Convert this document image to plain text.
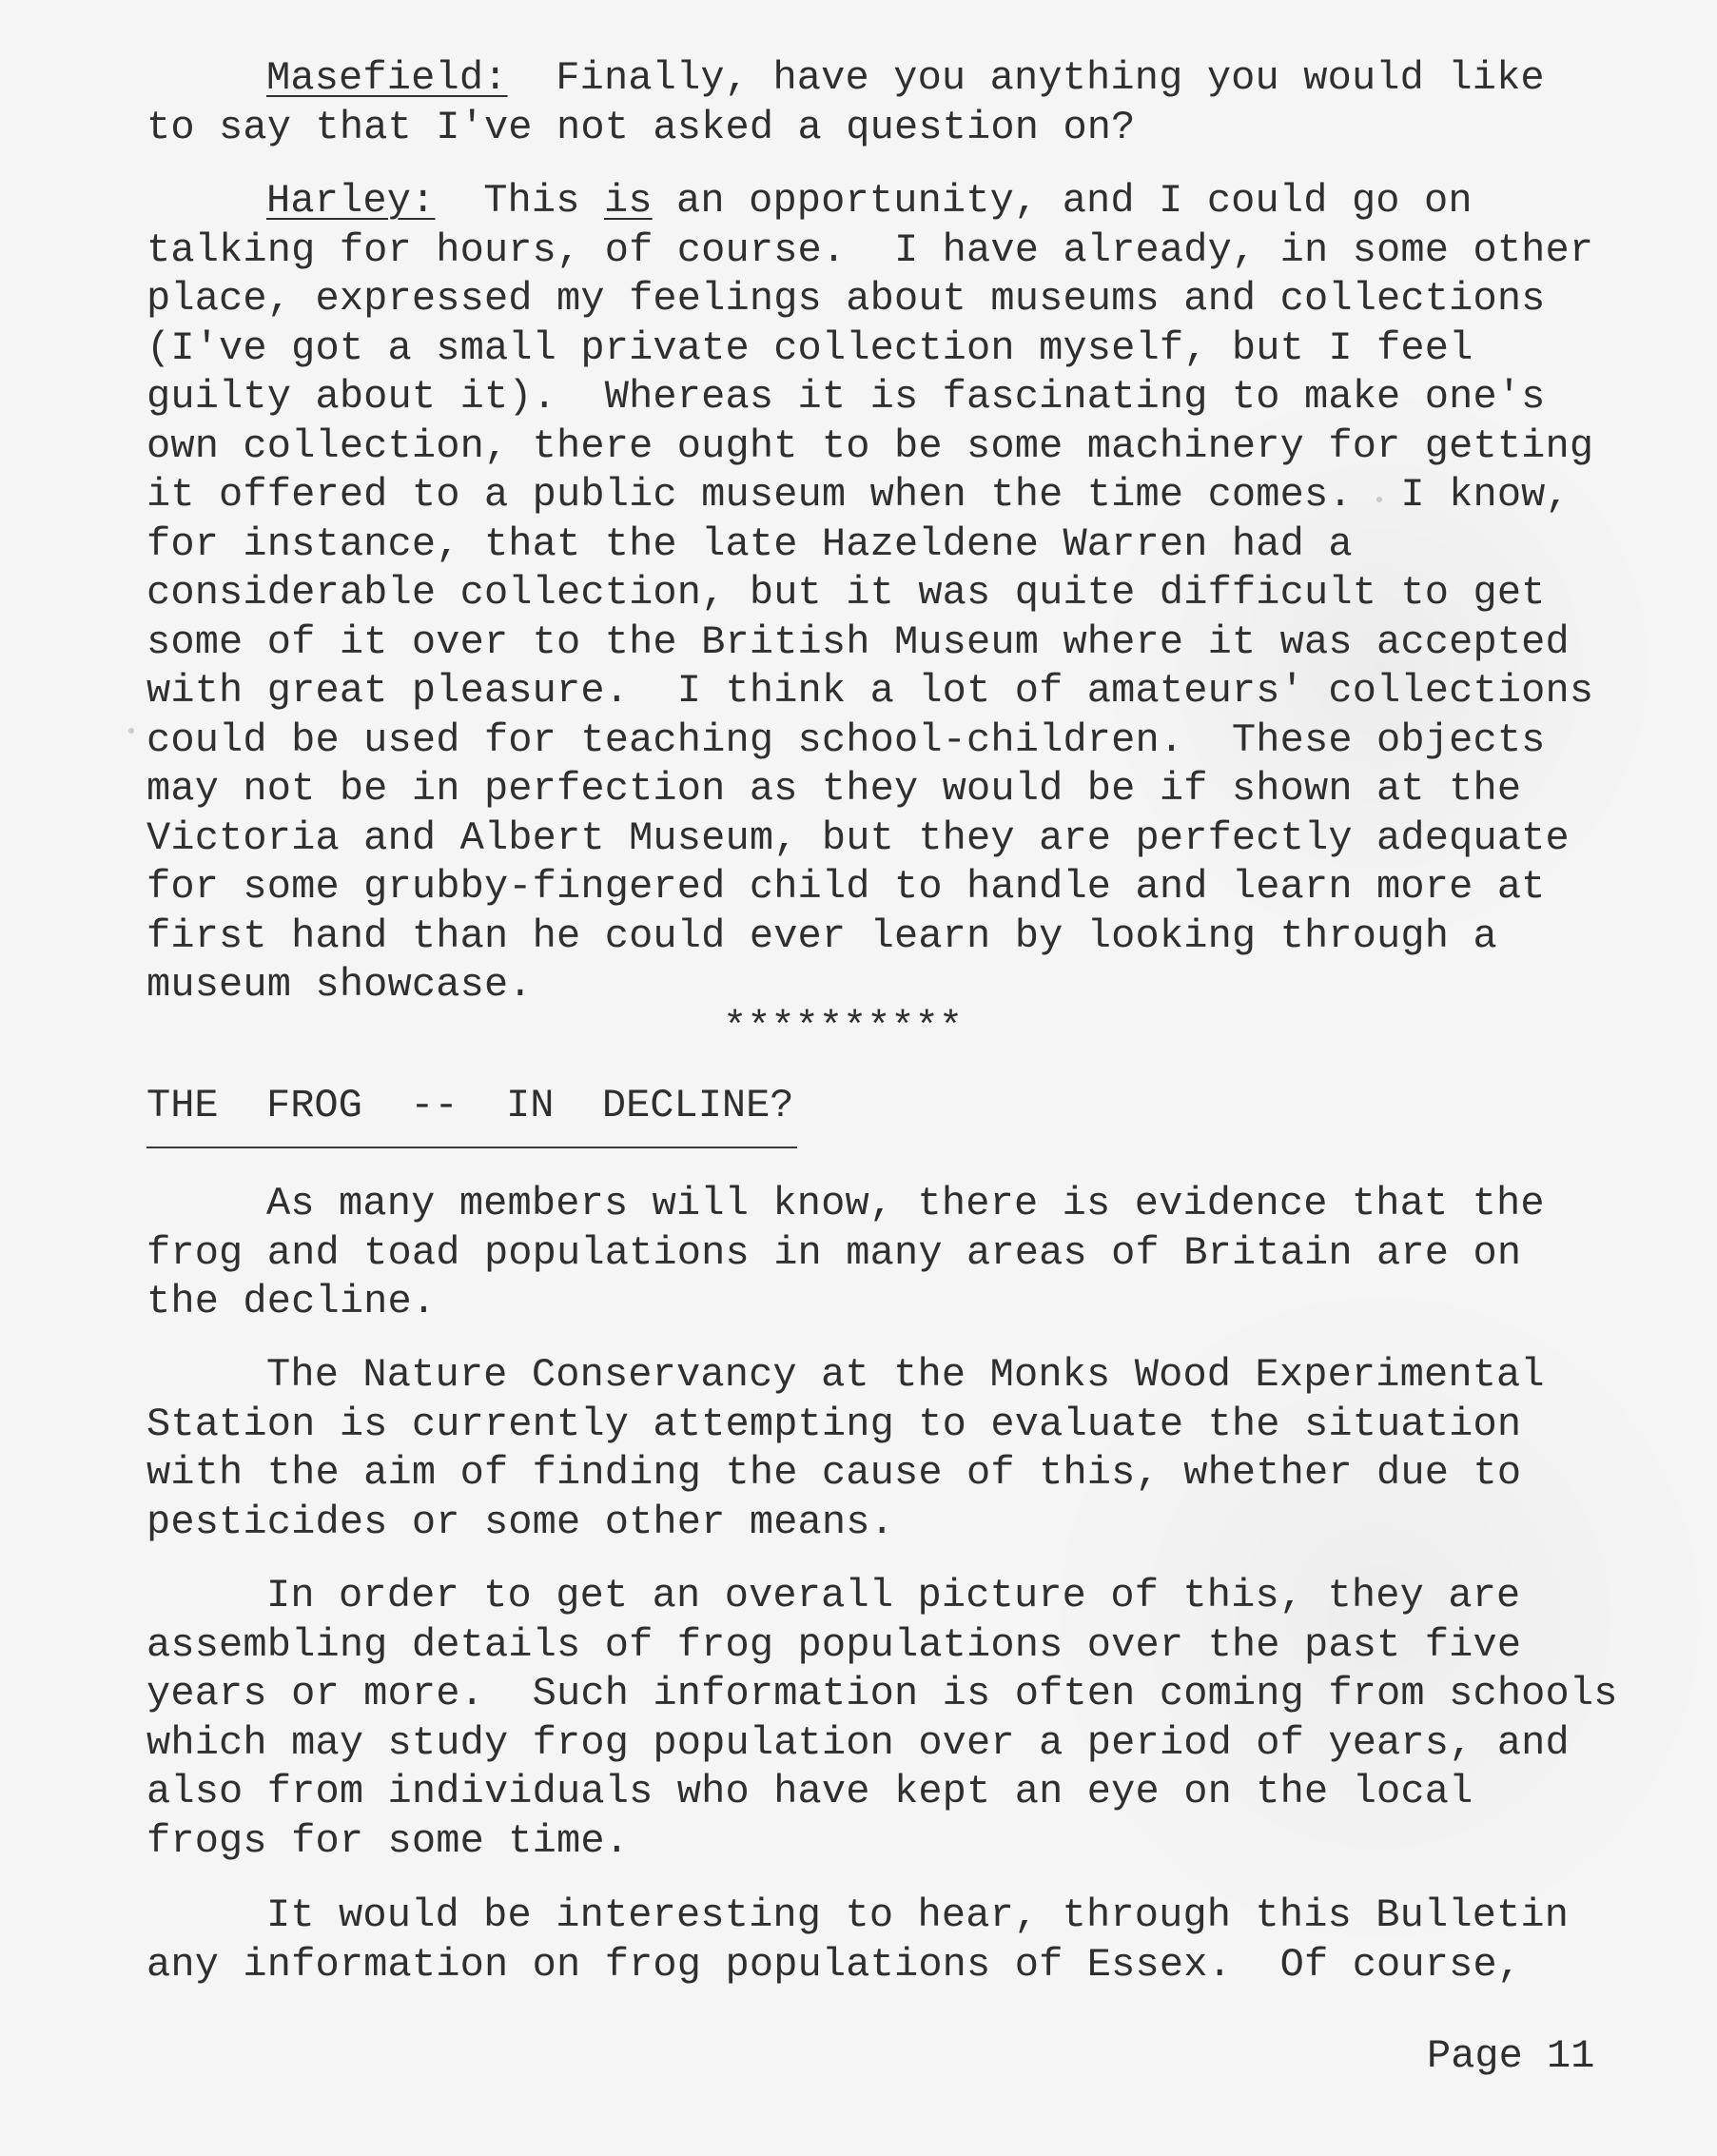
Masefield:  Finally, have you anything you would like
to say that I've not asked a question on?
Harley:  This is an opportunity, and I could go on
talking for hours, of course.  I have already, in some other
place, expressed my feelings about museums and collections
(I've got a small private collection myself, but I feel
guilty about it).  Whereas it is fascinating to make one's
own collection, there ought to be some machinery for getting
it offered to a public museum when the time comes.  I know,
for instance, that the late Hazeldene Warren had a
considerable collection, but it was quite difficult to get
some of it over to the British Museum where it was accepted
with great pleasure.  I think a lot of amateurs' collections
could be used for teaching school-children.  These objects
may not be in perfection as they would be if shown at the
Victoria and Albert Museum, but they are perfectly adequate
for some grubby-fingered child to handle and learn more at
first hand than he could ever learn by looking through a
museum showcase.
**********
THE  FROG  --  IN  DECLINE?
As many members will know, there is evidence that the
frog and toad populations in many areas of Britain are on
the decline.
The Nature Conservancy at the Monks Wood Experimental
Station is currently attempting to evaluate the situation
with the aim of finding the cause of this, whether due to
pesticides or some other means.
In order to get an overall picture of this, they are
assembling details of frog populations over the past five
years or more.  Such information is often coming from schools
which may study frog population over a period of years, and
also from individuals who have kept an eye on the local
frogs for some time.
It would be interesting to hear, through this Bulletin
any information on frog populations of Essex.  Of course,
Page 11
